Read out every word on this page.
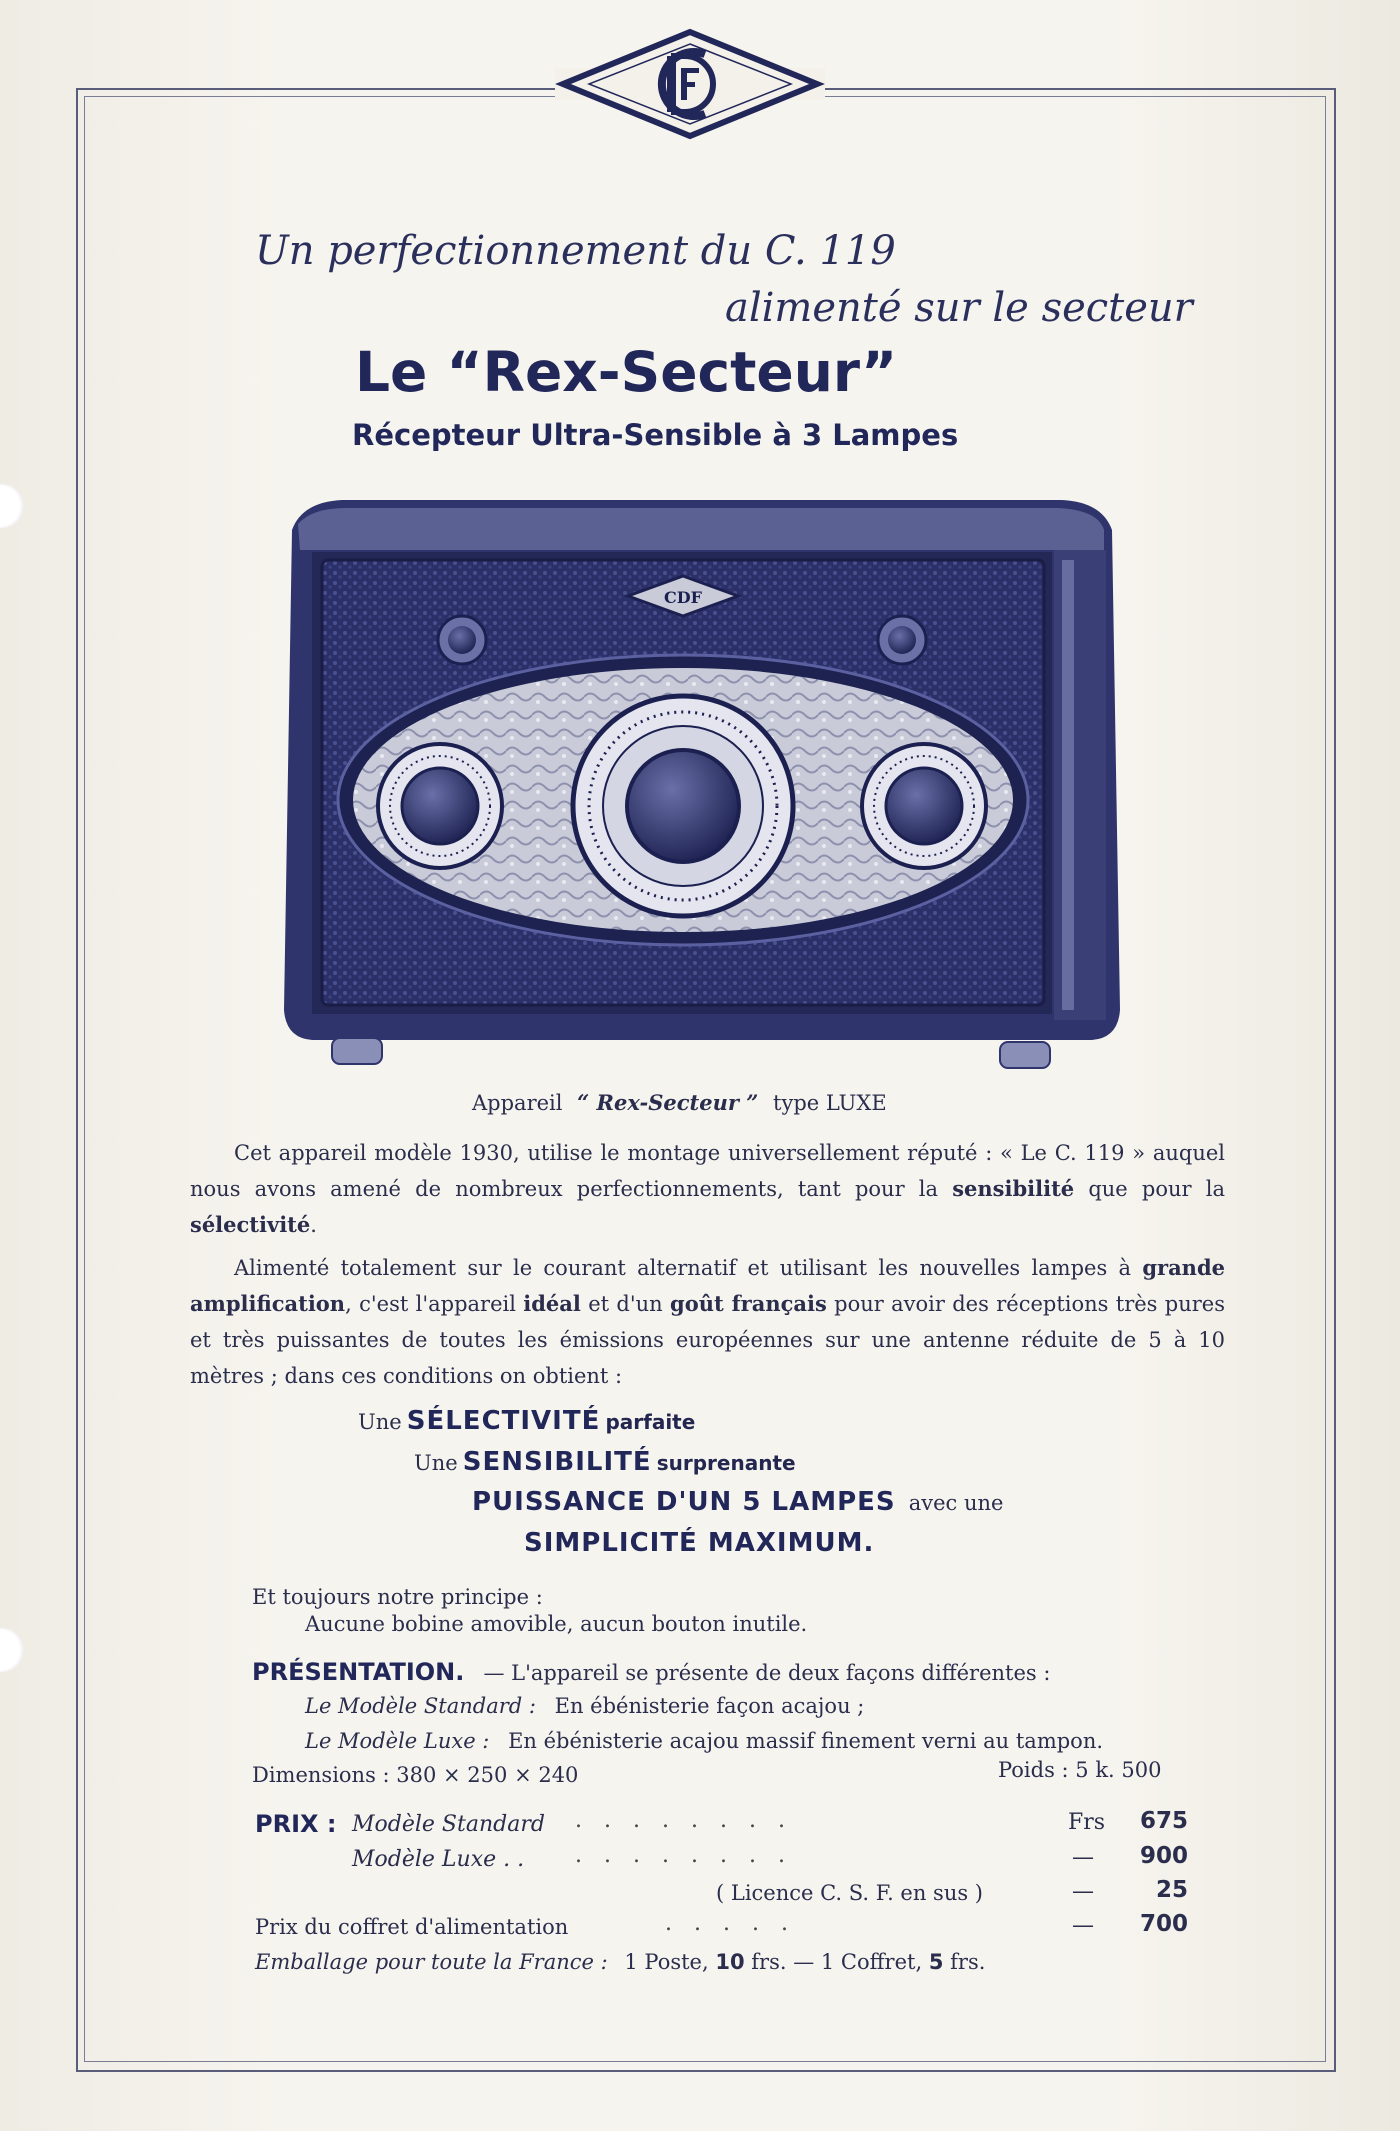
Un perfectionnement du C. 119
alimenté sur le secteur
Le “Rex-Secteur”
Récepteur Ultra-Sensible à 3 Lampes
CDF
Appareil “ Rex-Secteur ” type LUXE

Cet appareil modèle 1930, utilise le montage universellement réputé : « Le C. 119 » auquel nous avons amené de nombreux perfectionnements, tant pour la sensibilité que pour la sélectivité.

Alimenté totalement sur le courant alternatif et utilisant les nouvelles lampes à grande amplification, c'est l'appareil idéal et d'un goût français pour avoir des réceptions très pures et très puissantes de toutes les émissions européennes sur une antenne réduite de 5 à 10 mètres ; dans ces conditions on obtient :

Une SÉLECTIVITÉ parfaite
Une SENSIBILITÉ surprenante
PUISSANCE D'UN 5 LAMPES avec une
SIMPLICITÉ MAXIMUM.
Et toujours notre principe :
Aucune bobine amovible, aucun bouton inutile.
PRÉSENTATION. — L'appareil se présente de deux façons différentes :
Le Modèle Standard : En ébénisterie façon acajou ;
Le Modèle Luxe : En ébénisterie acajou massif finement verni au tampon.
Dimensions : 380 × 250 × 240	Poids : 5 k. 500
PRIX : Modèle Standard ........	Frs	675
Modèle Luxe . . ........	—	900
( Licence C. S. F. en sus )	—	25
Prix du coffret d'alimentation	.....	—	700
Emballage pour toute la France : 1 Poste, 10 frs. — 1 Coffret, 5 frs.
